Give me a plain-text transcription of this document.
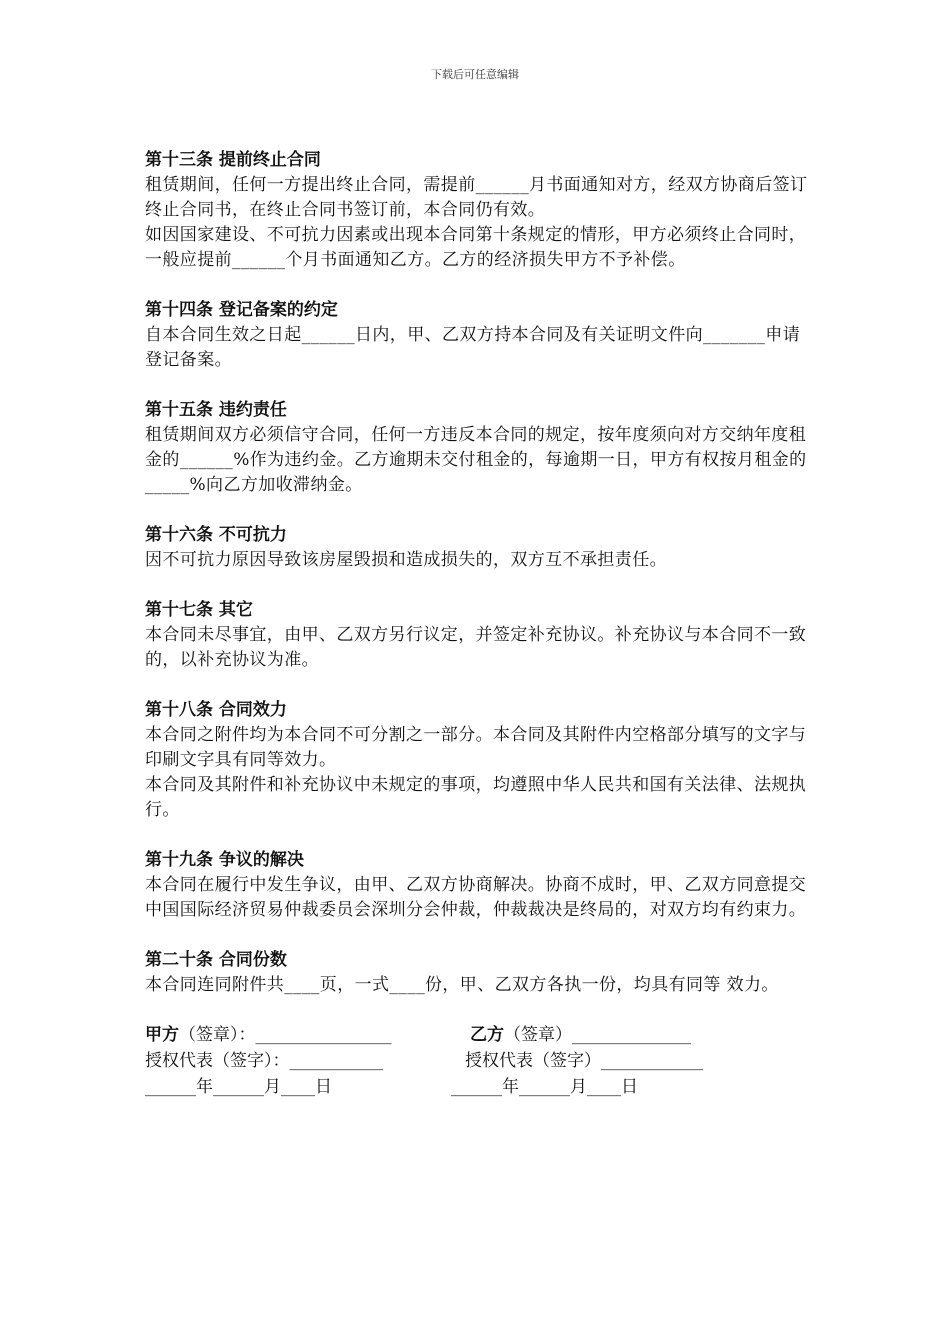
下载后可任意编辑
第十三条 提前终止合同

租赁期间，任何一方提出终止合同，需提前______月书面通知对方，经双方协商后签订终止合同书，在终止合同书签订前，本合同仍有效。

如因国家建设、不可抗力因素或出现本合同第十条规定的情形，甲方必须终止合同时，一般应提前______个月书面通知乙方。乙方的经济损失甲方不予补偿。

第十四条 登记备案的约定

自本合同生效之日起______日内，甲、乙双方持本合同及有关证明文件向_______申请登记备案。

第十五条 违约责任

租赁期间双方必须信守合同，任何一方违反本合同的规定，按年度须向对方交纳年度租金的______%作为违约金。乙方逾期未交付租金的，每逾期一日，甲方有权按月租金的_____%向乙方加收滞纳金。

第十六条 不可抗力

因不可抗力原因导致该房屋毁损和造成损失的，双方互不承担责任。

第十七条 其它

本合同未尽事宜，由甲、乙双方另行议定，并签定补充协议。补充协议与本合同不一致的，以补充协议为准。

第十八条 合同效力

本合同之附件均为本合同不可分割之一部分。本合同及其附件内空格部分填写的文字与印刷文字具有同等效力。

本合同及其附件和补充协议中未规定的事项，均遵照中华人民共和国有关法律、法规执行。

第十九条 争议的解决

本合同在履行中发生争议，由甲、乙双方协商解决。协商不成时，甲、乙双方同意提交中国国际经济贸易仲裁委员会深圳分会仲裁，仲裁裁决是终局的，对双方均有约束力。

第二十条 合同份数

本合同连同附件共____页，一式____份，甲、乙双方各执一份，均具有同等 效力。

甲方（签章）：________________	乙方（签章）______________
授权代表（签字）：___________	授权代表（签字）____________
______年______月____日	______年______月____日
